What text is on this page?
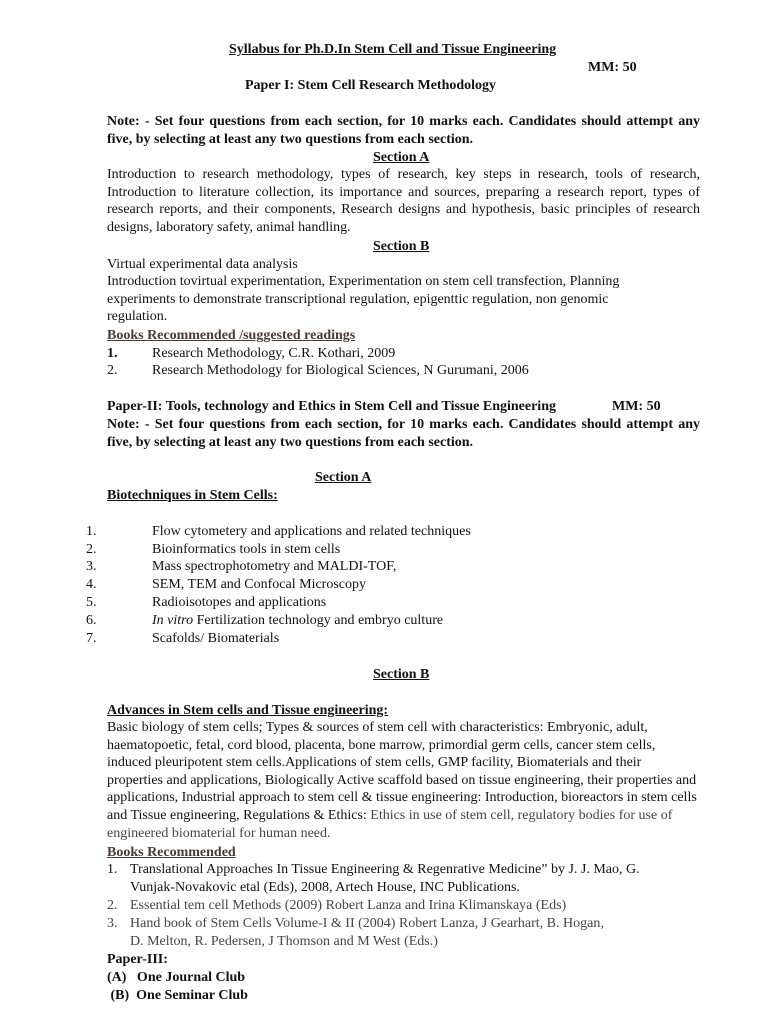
Syllabus for Ph.D.In Stem Cell and Tissue Engineering
MM: 50
Paper I: Stem Cell Research Methodology
Note: - Set four questions from each section, for 10 marks each. Candidates should attempt any five, by selecting at least any two questions from each section.
Section A
Introduction to research methodology, types of research, key steps in research, tools of research, Introduction to literature collection, its importance and sources, preparing a research report, types of research reports, and their components, Research designs and hypothesis, basic principles of research designs, laboratory safety, animal handling.
Section B
Virtual experimental data analysis
Introduction tovirtual experimentation, Experimentation on stem cell transfection, Planning experiments to demonstrate transcriptional regulation, epigenttic regulation, non genomic regulation.
Books Recommended /suggested readings
1. Research Methodology, C.R. Kothari, 2009
2. Research Methodology for Biological Sciences, N Gurumani, 2006
Paper-II: Tools, technology and Ethics in Stem Cell and Tissue Engineering	MM: 50
Note: - Set four questions from each section, for 10 marks each. Candidates should attempt any five, by selecting at least any two questions from each section.
Section A
Biotechniques in Stem Cells:
1.	Flow cytometery and applications and related techniques
2.	Bioinformatics tools in stem cells
3.	Mass spectrophotometry and MALDI-TOF,
4.	SEM, TEM and Confocal Microscopy
5.	Radioisotopes and applications
6.	In vitro Fertilization technology and embryo culture
7.	Scafolds/ Biomaterials
Section B
Advances in Stem cells and Tissue engineering:
Basic biology of stem cells; Types & sources of stem cell with characteristics: Embryonic, adult, haematopoetic, fetal, cord blood, placenta, bone marrow, primordial germ cells, cancer stem cells, induced pleuripotent stem cells.Applications of stem cells, GMP facility, Biomaterials and their properties and applications, Biologically Active scaffold based on tissue engineering, their properties and applications, Industrial approach to stem cell & tissue engineering: Introduction, bioreactors in stem cells and Tissue engineering, Regulations & Ethics: Ethics in use of stem cell, regulatory bodies for use of engineered biomaterial for human need.
Books Recommended
1. Translational Approaches In Tissue Engineering & Regenrative Medicine” by J. J. Mao, G.
Vunjak-Novakovic etal (Eds), 2008, Artech House, INC Publications.
2. Essential tem cell Methods (2009) Robert Lanza and Irina Klimanskaya (Eds)
3. Hand book of Stem Cells Volume-I & II (2004) Robert Lanza, J Gearhart, B. Hogan,
D. Melton, R. Pedersen, J Thomson and M West (Eds.)
Paper-III:
(A)   One Journal Club
(B)  One Seminar Club
